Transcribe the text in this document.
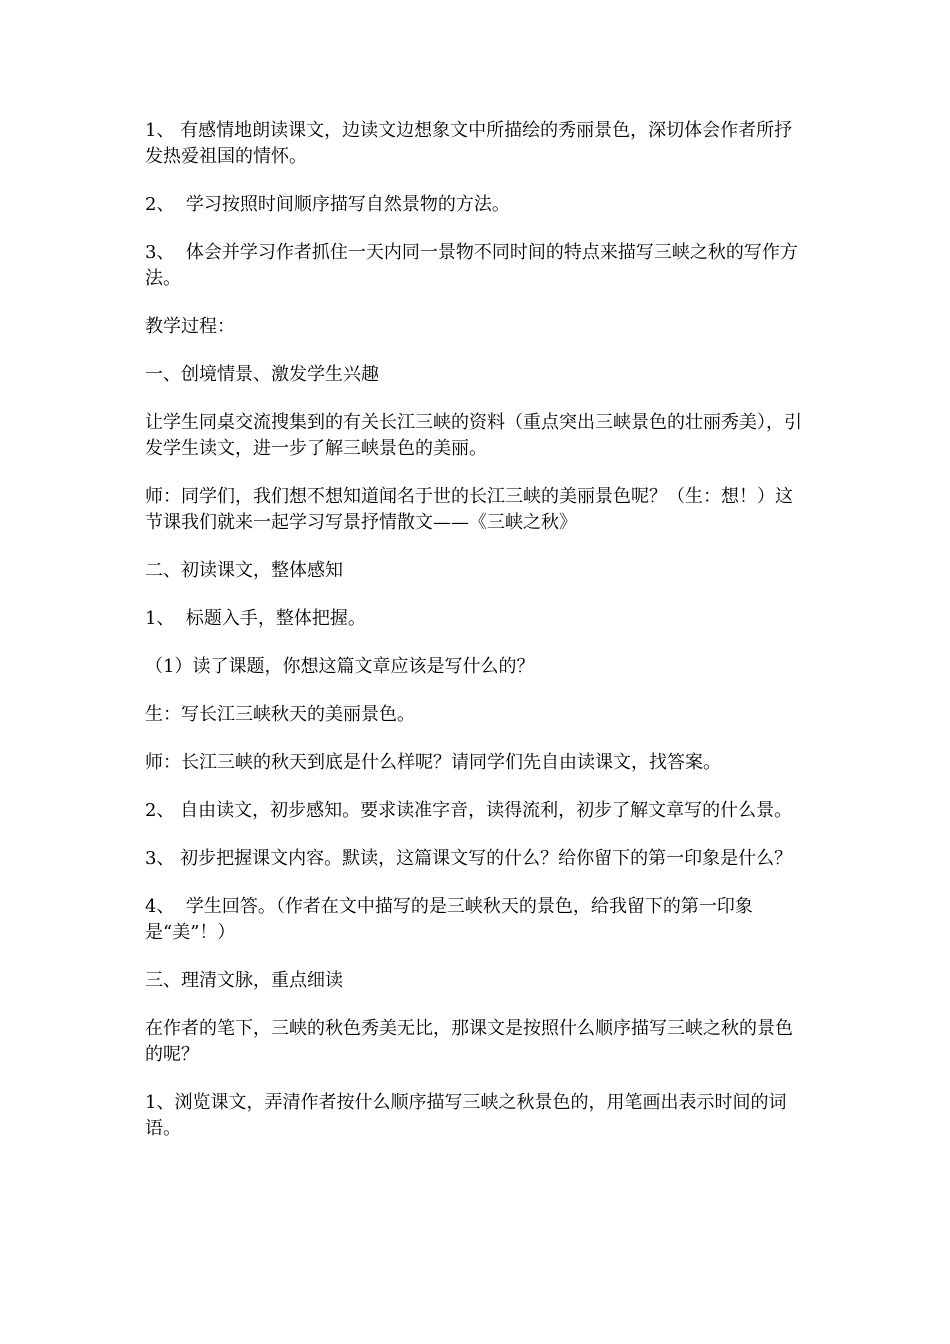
1、 有感情地朗读课文，边读文边想象文中所描绘的秀丽景色，深切体会作者所抒发热爱祖国的情怀。

2、  学习按照时间顺序描写自然景物的方法。

3、  体会并学习作者抓住一天内同一景物不同时间的特点来描写三峡之秋的写作方法。

教学过程：

一、创境情景、激发学生兴趣

让学生同桌交流搜集到的有关长江三峡的资料（重点突出三峡景色的壮丽秀美），引发学生读文，进一步了解三峡景色的美丽。

师：同学们，我们想不想知道闻名于世的长江三峡的美丽景色呢？（生：想！）这节课我们就来一起学习写景抒情散文——《三峡之秋》

二、初读课文，整体感知

1、  标题入手，整体把握。

（1）读了课题，你想这篇文章应该是写什么的？

生：写长江三峡秋天的美丽景色。

师：长江三峡的秋天到底是什么样呢？请同学们先自由读课文，找答案。

2、 自由读文，初步感知。要求读准字音，读得流利，初步了解文章写的什么景。

3、 初步把握课文内容。默读，这篇课文写的什么？给你留下的第一印象是什么？

4、  学生回答。（作者在文中描写的是三峡秋天的景色，给我留下的第一印象是“美”！）

三、理清文脉，重点细读

在作者的笔下，三峡的秋色秀美无比，那课文是按照什么顺序描写三峡之秋的景色的呢？

1、浏览课文，弄清作者按什么顺序描写三峡之秋景色的，用笔画出表示时间的词语。
